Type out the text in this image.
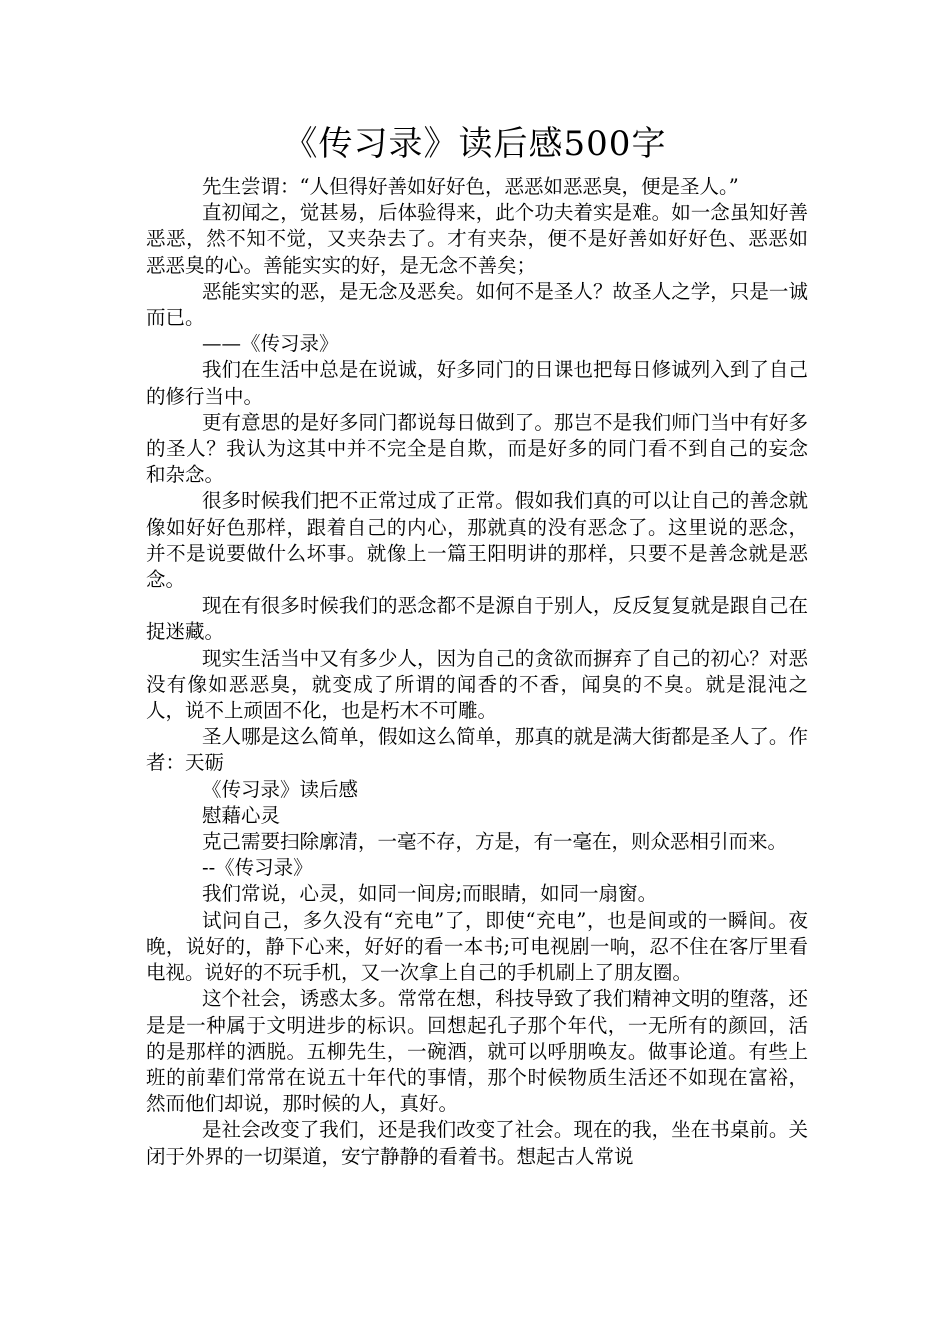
《传习录》读后感500字

先生尝谓：“人但得好善如好好色，恶恶如恶恶臭，便是圣人。”

直初闻之，觉甚易，后体验得来，此个功夫着实是难。如一念虽知好善恶恶，然不知不觉，又夹杂去了。才有夹杂，便不是好善如好好色、恶恶如恶恶臭的心。善能实实的好，是无念不善矣；

恶能实实的恶，是无念及恶矣。如何不是圣人？故圣人之学，只是一诚而已。

——《传习录》

我们在生活中总是在说诚，好多同门的日课也把每日修诚列入到了自己的修行当中。

更有意思的是好多同门都说每日做到了。那岂不是我们师门当中有好多的圣人？我认为这其中并不完全是自欺，而是好多的同门看不到自己的妄念和杂念。

很多时候我们把不正常过成了正常。假如我们真的可以让自己的善念就像如好好色那样，跟着自己的内心，那就真的没有恶念了。这里说的恶念，并不是说要做什么坏事。就像上一篇王阳明讲的那样，只要不是善念就是恶念。

现在有很多时候我们的恶念都不是源自于别人，反反复复就是跟自己在捉迷藏。

现实生活当中又有多少人，因为自己的贪欲而摒弃了自己的初心？对恶没有像如恶恶臭，就变成了所谓的闻香的不香，闻臭的不臭。就是混沌之人，说不上顽固不化，也是朽木不可雕。

圣人哪是这么简单，假如这么简单，那真的就是满大街都是圣人了。作者：天砺

《传习录》读后感

慰藉心灵

克己需要扫除廓清，一毫不存，方是，有一毫在，则众恶相引而来。

--《传习录》

我们常说，心灵，如同一间房;而眼睛，如同一扇窗。

试问自己，多久没有“充电”了，即使“充电”，也是间或的一瞬间。夜晚，说好的，静下心来，好好的看一本书;可电视剧一响，忍不住在客厅里看电视。说好的不玩手机，又一次拿上自己的手机刷上了朋友圈。

这个社会，诱惑太多。常常在想，科技导致了我们精神文明的堕落，还是是一种属于文明进步的标识。回想起孔子那个年代，一无所有的颜回，活的是那样的洒脱。五柳先生，一碗酒，就可以呼朋唤友。做事论道。有些上班的前辈们常常在说五十年代的事情，那个时候物质生活还不如现在富裕，然而他们却说，那时候的人，真好。

是社会改变了我们，还是我们改变了社会。现在的我，坐在书桌前。关闭于外界的一切渠道，安宁静静的看着书。想起古人常说
